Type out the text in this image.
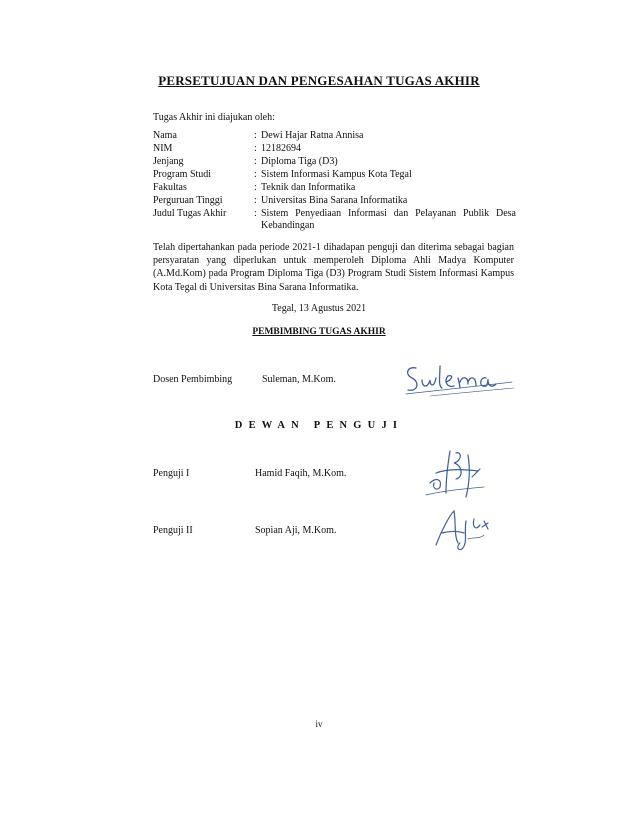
PERSETUJUAN DAN PENGESAHAN TUGAS AKHIR
Tugas Akhir ini diajukan oleh:
Nama	: Dewi Hajar Ratna Annisa
NIM	: 12182694
Jenjang	: Diploma Tiga (D3)
Program Studi	: Sistem Informasi Kampus Kota Tegal
Fakultas	: Teknik dan Informatika
Perguruan Tinggi	: Universitas Bina Sarana Informatika
Judul Tugas Akhir	: Sistem Penyediaan Informasi dan Pelayanan Publik Desa Kebandingan
Telah dipertahankan pada periode 2021-1 dihadapan penguji dan diterima sebagai bagian persyaratan yang diperlukan untuk memperoleh Diploma Ahli Madya Komputer (A.Md.Kom) pada Program Diploma Tiga (D3) Program Studi Sistem Informasi Kampus Kota Tegal di Universitas Bina Sarana Informatika.
Tegal, 13 Agustus 2021
PEMBIMBING TUGAS AKHIR
Dosen Pembimbing	Suleman, M.Kom.
DEWAN PENGUJI
Penguji I	Hamid Faqih, M.Kom.
Penguji II	Sopian Aji, M.Kom.
iv
